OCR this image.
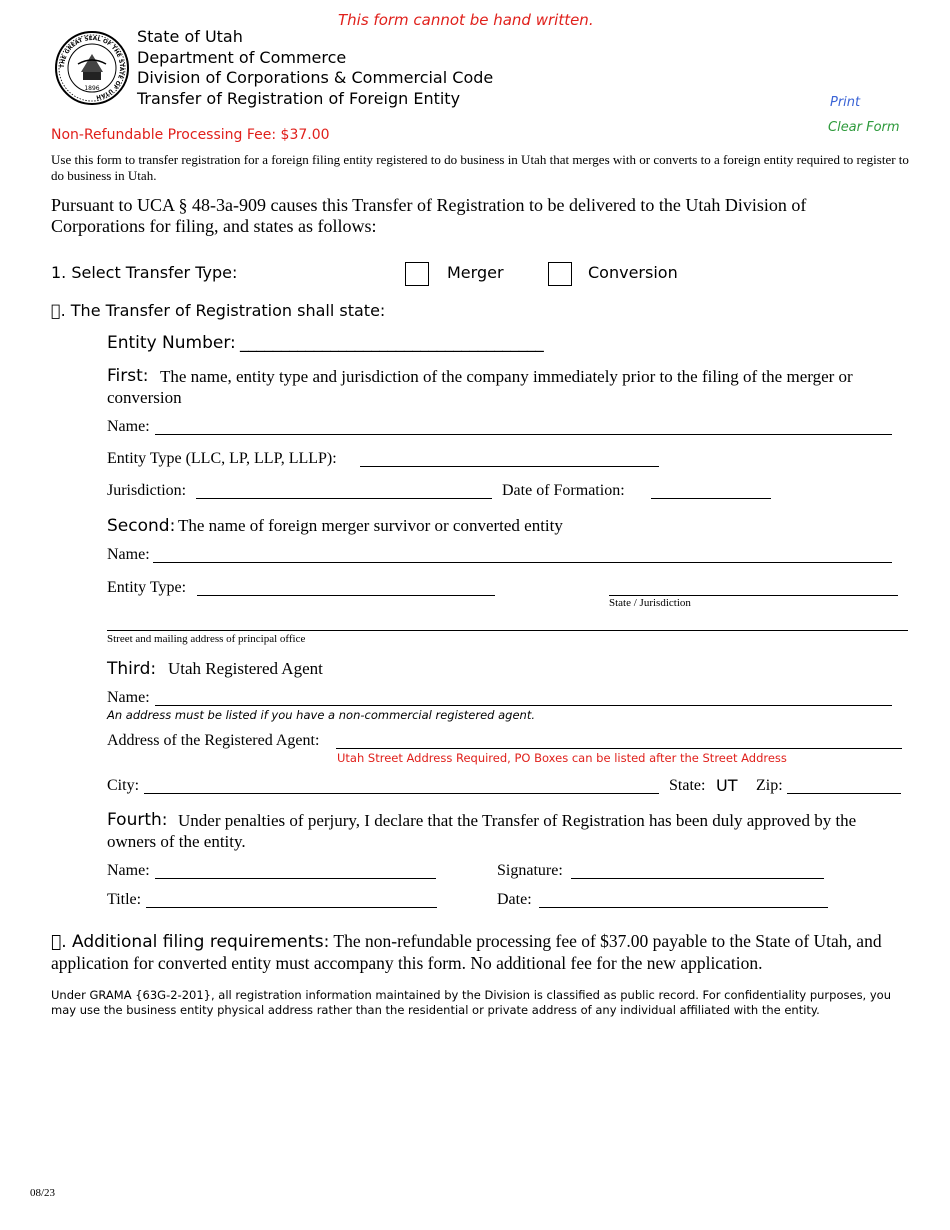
This form cannot be hand written.
THE GREAT SEAL OF THE STATE OF UTAH
1896
State of Utah
Department of Commerce
Division of Corporations & Commercial Code
Transfer of Registration of Foreign Entity	Print
Clear Form
Non-Refundable Processing Fee: $37.00
Use this form to transfer registration for a foreign filing entity registered to do business in Utah that merges with or converts to a foreign entity required to register to do business in Utah.
Pursuant to UCA § 48-3a-909 causes this Transfer of Registration to be delivered to the Utah Division of Corporations for filing, and states as follows:
1. Select Transfer Type:	Merger	Conversion
 . The Transfer of Registration shall state:
Entity Number: _____________________________________
First: The name, entity type and jurisdiction of the company immediately prior to the filing of the merger or conversion
Name:
Entity Type (LLC, LP, LLP, LLLP):
Jurisdiction:	Date of Formation:
Second: The name of foreign merger survivor or converted entity
Name:
Entity Type:
State / Jurisdiction
Street and mailing address of principal office
Third: Utah Registered Agent
Name:
An address must be listed if you have a non-commercial registered agent.
Address of the Registered Agent:
Utah Street Address Required, PO Boxes can be listed after the Street Address
City:	State: UT Zip:
Fourth: Under penalties of perjury, I declare that the Transfer of Registration has been duly approved by the owners of the entity.
Name:	Signature:
Title:	Date:
 . Additional filing requirements: The non-refundable processing fee of $37.00 payable to the State of Utah, and application for converted entity must accompany this form. No additional fee for the new application.
Under GRAMA {63G-2-201}, all registration information maintained by the Division is classified as public record. For confidentiality purposes, you may use the business entity physical address rather than the residential or private address of any individual affiliated with the entity.
08/23
